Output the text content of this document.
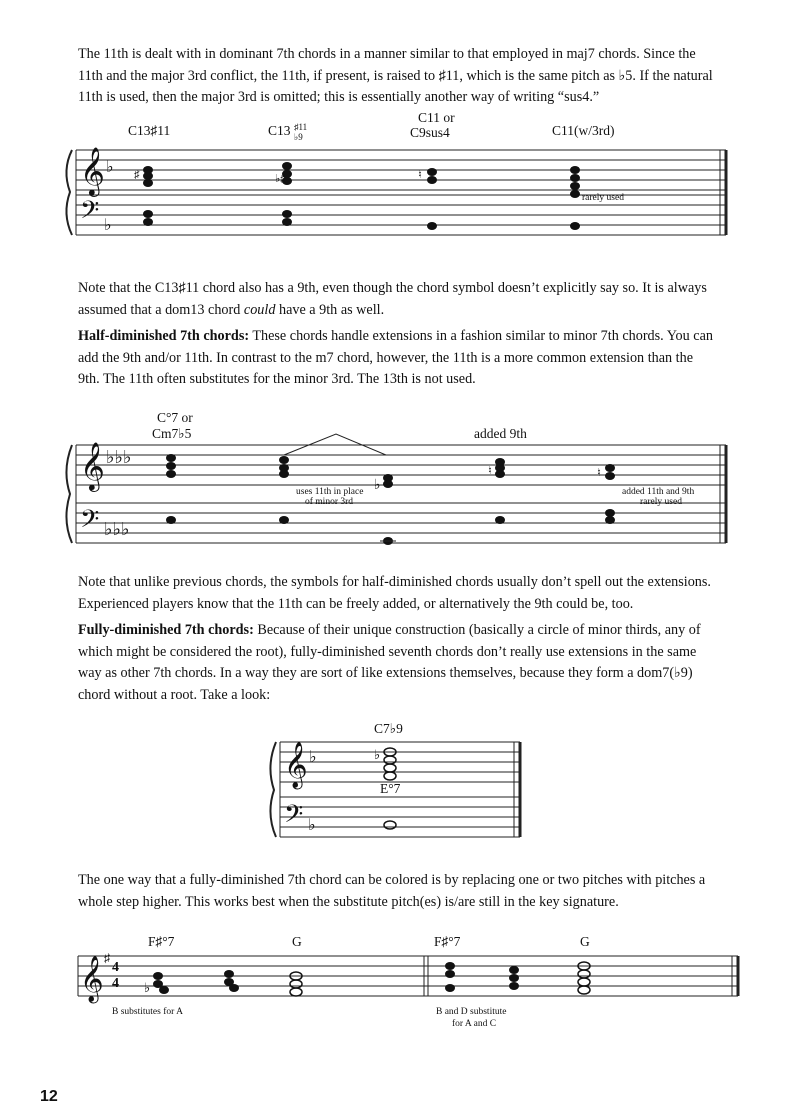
The 11th is dealt with in dominant 7th chords in a manner similar to that employed in maj7 chords. Since the 11th and the major 3rd conflict, the 11th, if present, is raised to ♯11, which is the same pitch as ♭5. If the natural 11th is used, then the major 3rd is omitted; this is essentially another way of writing “sus4.”

𝄞
𝄢
♭
♭
C13♯11	C13 ♯11
♭9
C11 or
C9sus4	C11(w/3rd)
rarely used
♯	♭♯	♮

Note that the C13♯11 chord also has a 9th, even though the chord symbol doesn’t explicitly say so. It is always assumed that a dom13 chord could have a 9th as well.

Half-diminished 7th chords: These chords handle extensions in a fashion similar to minor 7th chords. You can add the 9th and/or 11th. In contrast to the m7 chord, however, the 11th is a more common extension than the 9th. The 11th often substitutes for the minor 3rd. The 13th is not used.

𝄞
𝄢
♭♭♭
♭♭♭
C°7 or
Cm7♭5	added 9th
uses 11th in place
of minor 3rd
added 11th and 9th
rarely used
♭
♮	♮

Note that unlike previous chords, the symbols for half-diminished chords usually don’t spell out the extensions. Experienced players know that the 11th can be freely added, or alternatively the 9th could be, too.

Fully-diminished 7th chords: Because of their unique construction (basically a circle of minor thirds, any of which might be considered the root), fully-diminished seventh chords don’t really use extensions in the same way as other 7th chords. In a way they are sort of like extensions themselves, because they form a dom7(♭9) chord without a root. Take a look:

𝄞
𝄢
♭
♭
C7♭9
E°7
♭

The one way that a fully-diminished 7th chord can be colored is by replacing one or two pitches with pitches a whole step higher. This works best when the substitute pitch(es) is/are still in the key signature.

𝄞 ♯
4
4
F♯°7	G	F♯°7	G
♭
B substitutes for A	B and D substitute
for A and C
12
